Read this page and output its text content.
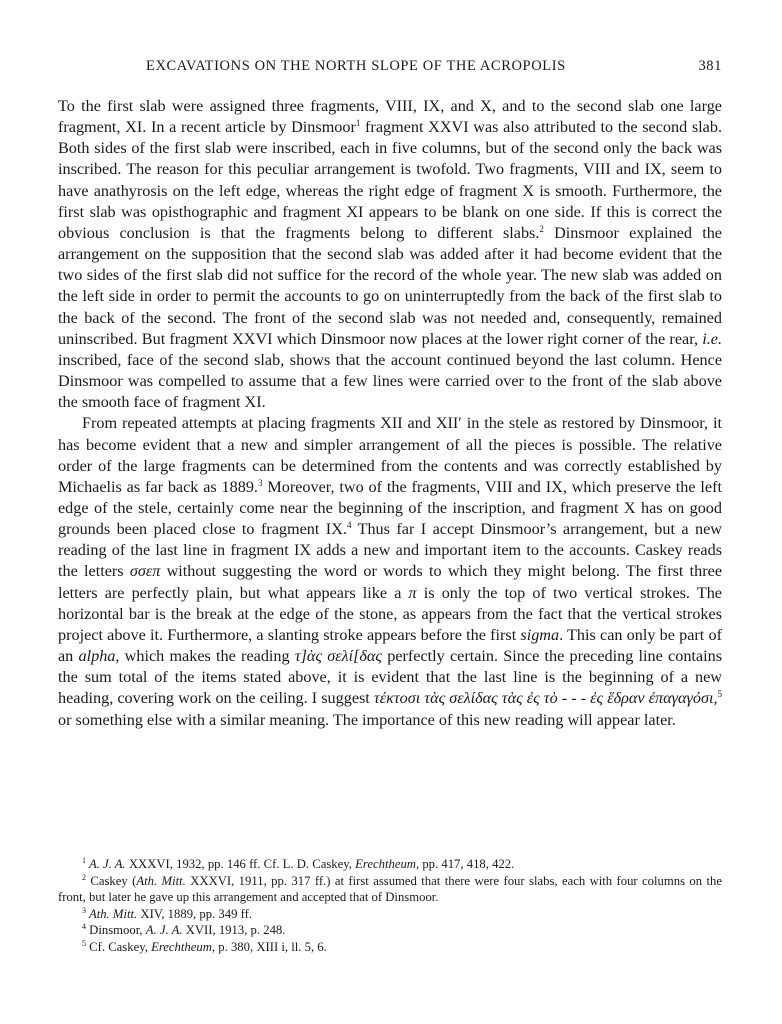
EXCAVATIONS ON THE NORTH SLOPE OF THE ACROPOLIS	381

To the first slab were assigned three fragments, VIII, IX, and X, and to the second slab one large fragment, XI. In a recent article by Dinsmoor$^1$ fragment XXVI was also attributed to the second slab. Both sides of the first slab were inscribed, each in five columns, but of the second only the back was inscribed. The reason for this peculiar arrangement is twofold. Two fragments, VIII and IX, seem to have anathyrosis on the left edge, whereas the right edge of fragment X is smooth. Furthermore, the first slab was opisthographic and fragment XI appears to be blank on one side. If this is correct the obvious conclusion is that the fragments belong to different slabs.$^2$ Dinsmoor explained the arrangement on the supposition that the second slab was added after it had become evident that the two sides of the first slab did not suffice for the record of the whole year. The new slab was added on the left side in order to permit the accounts to go on uninterruptedly from the back of the first slab to the back of the second. The front of the second slab was not needed and, consequently, remained uninscribed. But fragment XXVI which Dinsmoor now places at the lower right corner of the rear, i.e. inscribed, face of the second slab, shows that the account continued beyond the last column. Hence Dinsmoor was compelled to assume that a few lines were carried over to the front of the slab above the smooth face of fragment XI.

From repeated attempts at placing fragments XII and XII′ in the stele as restored by Dinsmoor, it has become evident that a new and simpler arrangement of all the pieces is possible. The relative order of the large fragments can be determined from the contents and was correctly established by Michaelis as far back as 1889.$^3$ Moreover, two of the fragments, VIII and IX, which preserve the left edge of the stele, certainly come near the beginning of the inscription, and fragment X has on good grounds been placed close to fragment IX.$^4$ Thus far I accept Dinsmoor’s arrangement, but a new reading of the last line in fragment IX adds a new and important item to the accounts. Caskey reads the letters σσεπ without suggesting the word or words to which they might belong. The first three letters are perfectly plain, but what appears like a π is only the top of two vertical strokes. The horizontal bar is the break at the edge of the stone, as appears from the fact that the vertical strokes project above it. Furthermore, a slanting stroke appears before the first sigma. This can only be part of an alpha, which makes the reading τ]ὰς σελί[δας perfectly certain. Since the preceding line contains the sum total of the items stated above, it is evident that the last line is the beginning of a new heading, covering work on the ceiling. I suggest τέκτοσι τὰς σελίδας τὰς ἐς τὸ - - - ἐς ἕδραν ἐπαγαγόσι,$^5$ or something else with a similar meaning. The importance of this new reading will appear later.

$^1$ A. J. A. XXXVI, 1932, pp. 146 ff. Cf. L. D. Caskey, Erechtheum, pp. 417, 418, 422.

$^2$ Caskey (Ath. Mitt. XXXVI, 1911, pp. 317 ff.) at first assumed that there were four slabs, each with four columns on the front, but later he gave up this arrangement and accepted that of Dinsmoor.

$^3$ Ath. Mitt. XIV, 1889, pp. 349 ff.

$^4$ Dinsmoor, A. J. A. XVII, 1913, p. 248.

$^5$ Cf. Caskey, Erechtheum, p. 380, XIII i, ll. 5, 6.
